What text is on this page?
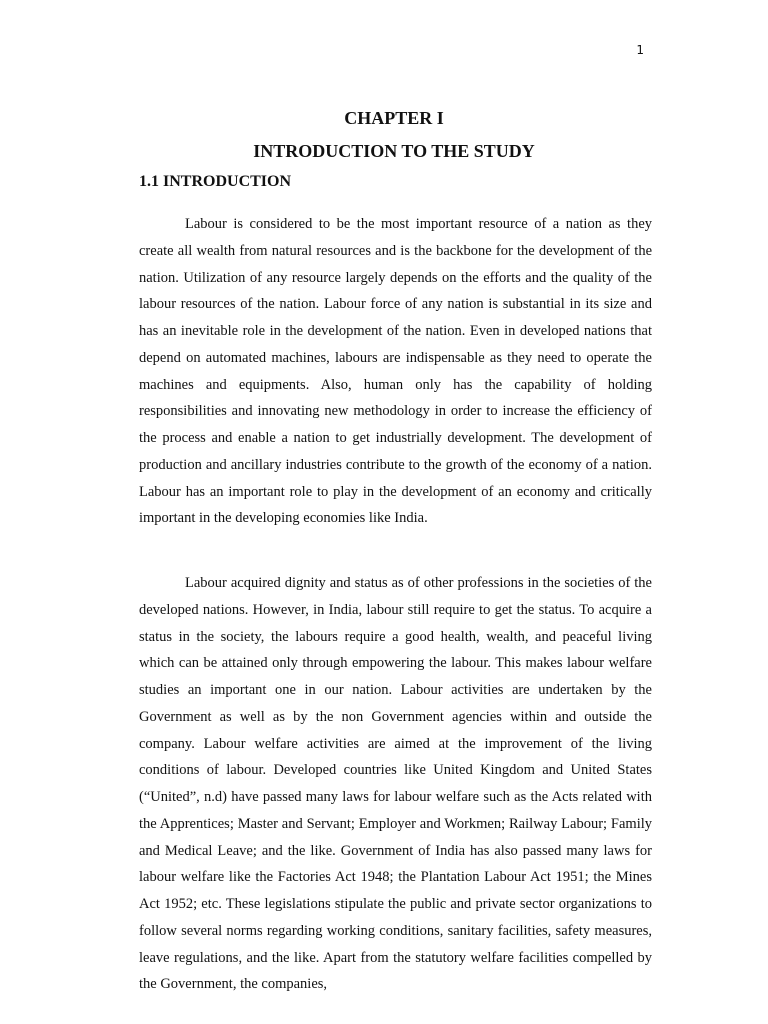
1
CHAPTER I
INTRODUCTION TO THE STUDY
1.1 INTRODUCTION

Labour is considered to be the most important resource of a nation as they create all wealth from natural resources and is the backbone for the development of the nation. Utilization of any resource largely depends on the efforts and the quality of the labour resources of the nation. Labour force of any nation is substantial in its size and has an inevitable role in the development of the nation. Even in developed nations that depend on automated machines, labours are indispensable as they need to operate the machines and equipments. Also, human only has the capability of holding responsibilities and innovating new methodology in order to increase the efficiency of the process and enable a nation to get industrially development. The development of production and ancillary industries contribute to the growth of the economy of a nation. Labour has an important role to play in the development of an economy and critically important in the developing economies like India.

Labour acquired dignity and status as of other professions in the societies of the developed nations. However, in India, labour still require to get the status. To acquire a status in the society, the labours require a good health, wealth, and peaceful living which can be attained only through empowering the labour. This makes labour welfare studies an important one in our nation. Labour activities are undertaken by the Government as well as by the non Government agencies within and outside the company. Labour welfare activities are aimed at the improvement of the living conditions of labour. Developed countries like United Kingdom and United States (“United”, n.d) have passed many laws for labour welfare such as the Acts related with the Apprentices; Master and Servant; Employer and Workmen; Railway Labour; Family and Medical Leave; and the like. Government of India has also passed many laws for labour welfare like the Factories Act 1948; the Plantation Labour Act 1951; the Mines Act 1952; etc. These legislations stipulate the public and private sector organizations to follow several norms regarding working conditions, sanitary facilities, safety measures, leave regulations, and the like. Apart from the statutory welfare facilities compelled by the Government, the companies,
